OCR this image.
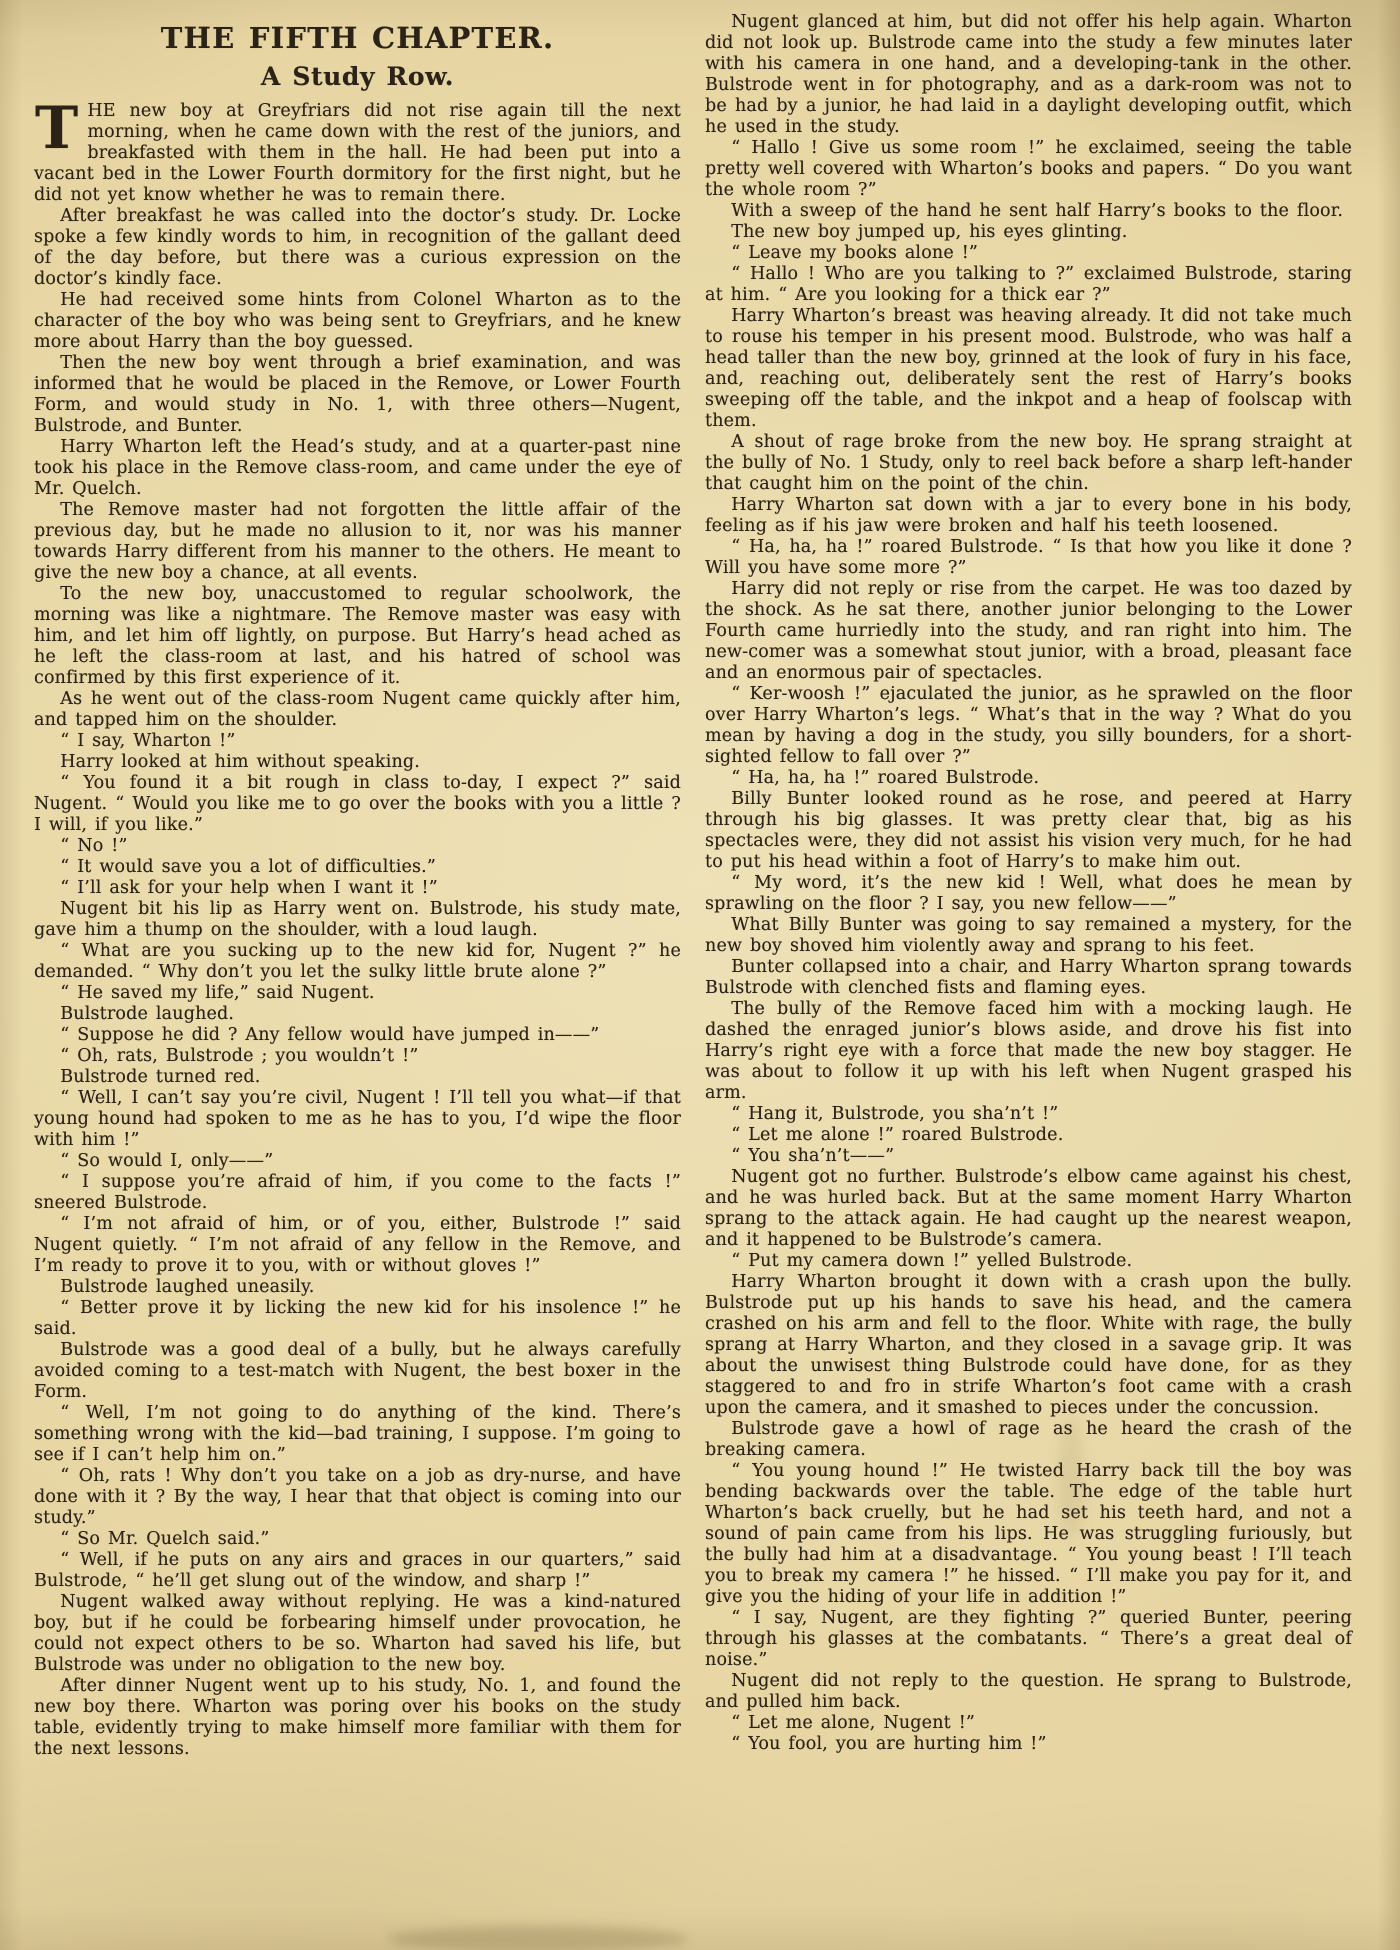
THE FIFTH CHAPTER.
A Study Row.

THE new boy at Greyfriars did not rise again till the next morning, when he came down with the rest of the juniors, and breakfasted with them in the hall. He had been put into a vacant bed in the Lower Fourth dormitory for the first night, but he did not yet know whether he was to remain there.

After breakfast he was called into the doctor’s study. Dr. Locke spoke a few kindly words to him, in recognition of the gallant deed of the day before, but there was a curious expression on the doctor’s kindly face.

He had received some hints from Colonel Wharton as to the character of the boy who was being sent to Greyfriars, and he knew more about Harry than the boy guessed.

Then the new boy went through a brief examination, and was informed that he would be placed in the Remove, or Lower Fourth Form, and would study in No. 1, with three others—Nugent, Bulstrode, and Bunter.

Harry Wharton left the Head’s study, and at a quarter-past nine took his place in the Remove class-room, and came under the eye of Mr. Quelch.

The Remove master had not forgotten the little affair of the previous day, but he made no allusion to it, nor was his manner towards Harry different from his manner to the others. He meant to give the new boy a chance, at all events.

To the new boy, unaccustomed to regular schoolwork, the morning was like a nightmare. The Remove master was easy with him, and let him off lightly, on purpose. But Harry’s head ached as he left the class-room at last, and his hatred of school was confirmed by this first experience of it.

As he went out of the class-room Nugent came quickly after him, and tapped him on the shoulder.

“ I say, Wharton !”

Harry looked at him without speaking.

“ You found it a bit rough in class to-day, I expect ?” said Nugent. “ Would you like me to go over the books with you a little ? I will, if you like.”

“ No !”

“ It would save you a lot of difficulties.”

“ I’ll ask for your help when I want it !”

Nugent bit his lip as Harry went on. Bulstrode, his study mate, gave him a thump on the shoulder, with a loud laugh.

“ What are you sucking up to the new kid for, Nugent ?” he demanded. “ Why don’t you let the sulky little brute alone ?”

“ He saved my life,” said Nugent.

Bulstrode laughed.

“ Suppose he did ? Any fellow would have jumped in——”

“ Oh, rats, Bulstrode ; you wouldn’t !”

Bulstrode turned red.

“ Well, I can’t say you’re civil, Nugent ! I’ll tell you what—if that young hound had spoken to me as he has to you, I’d wipe the floor with him !”

“ So would I, only——”

“ I suppose you’re afraid of him, if you come to the facts !” sneered Bulstrode.

“ I’m not afraid of him, or of you, either, Bulstrode !” said Nugent quietly. “ I’m not afraid of any fellow in the Remove, and I’m ready to prove it to you, with or without gloves !”

Bulstrode laughed uneasily.

“ Better prove it by licking the new kid for his insolence !” he said.

Bulstrode was a good deal of a bully, but he always carefully avoided coming to a test-match with Nugent, the best boxer in the Form.

“ Well, I’m not going to do anything of the kind. There’s something wrong with the kid—bad training, I suppose. I’m going to see if I can’t help him on.”

“ Oh, rats ! Why don’t you take on a job as dry-nurse, and have done with it ? By the way, I hear that that object is coming into our study.”

“ So Mr. Quelch said.”

“ Well, if he puts on any airs and graces in our quarters,” said Bulstrode, “ he’ll get slung out of the window, and sharp !”

Nugent walked away without replying. He was a kind-natured boy, but if he could be forbearing himself under provocation, he could not expect others to be so. Wharton had saved his life, but Bulstrode was under no obligation to the new boy.

After dinner Nugent went up to his study, No. 1, and found the new boy there. Wharton was poring over his books on the study table, evidently trying to make himself more familiar with them for the next lessons.

Nugent glanced at him, but did not offer his help again. Wharton did not look up. Bulstrode came into the study a few minutes later with his camera in one hand, and a developing-tank in the other. Bulstrode went in for photography, and as a dark-room was not to be had by a junior, he had laid in a daylight developing outfit, which he used in the study.

“ Hallo ! Give us some room !” he exclaimed, seeing the table pretty well covered with Wharton’s books and papers. “ Do you want the whole room ?”

With a sweep of the hand he sent half Harry’s books to the floor.

The new boy jumped up, his eyes glinting.

“ Leave my books alone !”

“ Hallo ! Who are you talking to ?” exclaimed Bulstrode, staring at him. “ Are you looking for a thick ear ?”

Harry Wharton’s breast was heaving already. It did not take much to rouse his temper in his present mood. Bulstrode, who was half a head taller than the new boy, grinned at the look of fury in his face, and, reaching out, deliberately sent the rest of Harry’s books sweeping off the table, and the inkpot and a heap of foolscap with them.

A shout of rage broke from the new boy. He sprang straight at the bully of No. 1 Study, only to reel back before a sharp left-hander that caught him on the point of the chin.

Harry Wharton sat down with a jar to every bone in his body, feeling as if his jaw were broken and half his teeth loosened.

“ Ha, ha, ha !” roared Bulstrode. “ Is that how you like it done ? Will you have some more ?”

Harry did not reply or rise from the carpet. He was too dazed by the shock. As he sat there, another junior belonging to the Lower Fourth came hurriedly into the study, and ran right into him. The new-comer was a somewhat stout junior, with a broad, pleasant face and an enormous pair of spectacles.

“ Ker-woosh !” ejaculated the junior, as he sprawled on the floor over Harry Wharton’s legs. “ What’s that in the way ? What do you mean by having a dog in the study, you silly bounders, for a short-sighted fellow to fall over ?”

“ Ha, ha, ha !” roared Bulstrode.

Billy Bunter looked round as he rose, and peered at Harry through his big glasses. It was pretty clear that, big as his spectacles were, they did not assist his vision very much, for he had to put his head within a foot of Harry’s to make him out.

“ My word, it’s the new kid ! Well, what does he mean by sprawling on the floor ? I say, you new fellow——”

What Billy Bunter was going to say remained a mystery, for the new boy shoved him violently away and sprang to his feet.

Bunter collapsed into a chair, and Harry Wharton sprang towards Bulstrode with clenched fists and flaming eyes.

The bully of the Remove faced him with a mocking laugh. He dashed the enraged junior’s blows aside, and drove his fist into Harry’s right eye with a force that made the new boy stagger. He was about to follow it up with his left when Nugent grasped his arm.

“ Hang it, Bulstrode, you sha’n’t !”

“ Let me alone !” roared Bulstrode.

“ You sha’n’t——”

Nugent got no further. Bulstrode’s elbow came against his chest, and he was hurled back. But at the same moment Harry Wharton sprang to the attack again. He had caught up the nearest weapon, and it happened to be Bulstrode’s camera.

“ Put my camera down !” yelled Bulstrode.

Harry Wharton brought it down with a crash upon the bully. Bulstrode put up his hands to save his head, and the camera crashed on his arm and fell to the floor. White with rage, the bully sprang at Harry Wharton, and they closed in a savage grip. It was about the unwisest thing Bulstrode could have done, for as they staggered to and fro in strife Wharton’s foot came with a crash upon the camera, and it smashed to pieces under the concussion.

Bulstrode gave a howl of rage as he heard the crash of the breaking camera.

“ You young hound !” He twisted Harry back till the boy was bending backwards over the table. The edge of the table hurt Wharton’s back cruelly, but he had set his teeth hard, and not a sound of pain came from his lips. He was struggling furiously, but the bully had him at a disadvantage. “ You young beast ! I’ll teach you to break my camera !” he hissed. “ I’ll make you pay for it, and give you the hiding of your life in addition !”

“ I say, Nugent, are they fighting ?” queried Bunter, peering through his glasses at the combatants. “ There’s a great deal of noise.”

Nugent did not reply to the question. He sprang to Bulstrode, and pulled him back.

“ Let me alone, Nugent !”

“ You fool, you are hurting him !”
